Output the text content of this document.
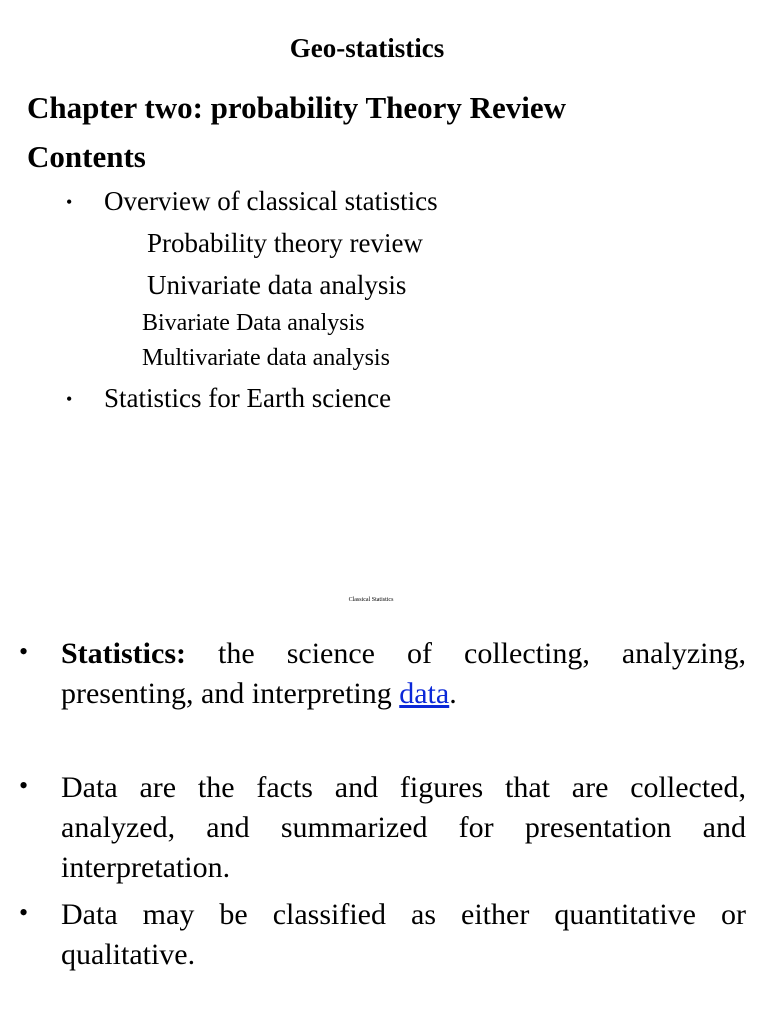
Geo-statistics
Chapter two: probability Theory Review
Contents
• Overview of classical statistics
Probability theory review
Univariate data analysis
Bivariate Data analysis
Multivariate data analysis
• Statistics for Earth science
Classical Statistics
• Statistics: the science of collecting, analyzing, presenting, and interpreting data.
• Data are the facts and figures that are collected, analyzed, and summarized for presentation and interpretation.
• Data may be classified as either quantitative or qualitative.
